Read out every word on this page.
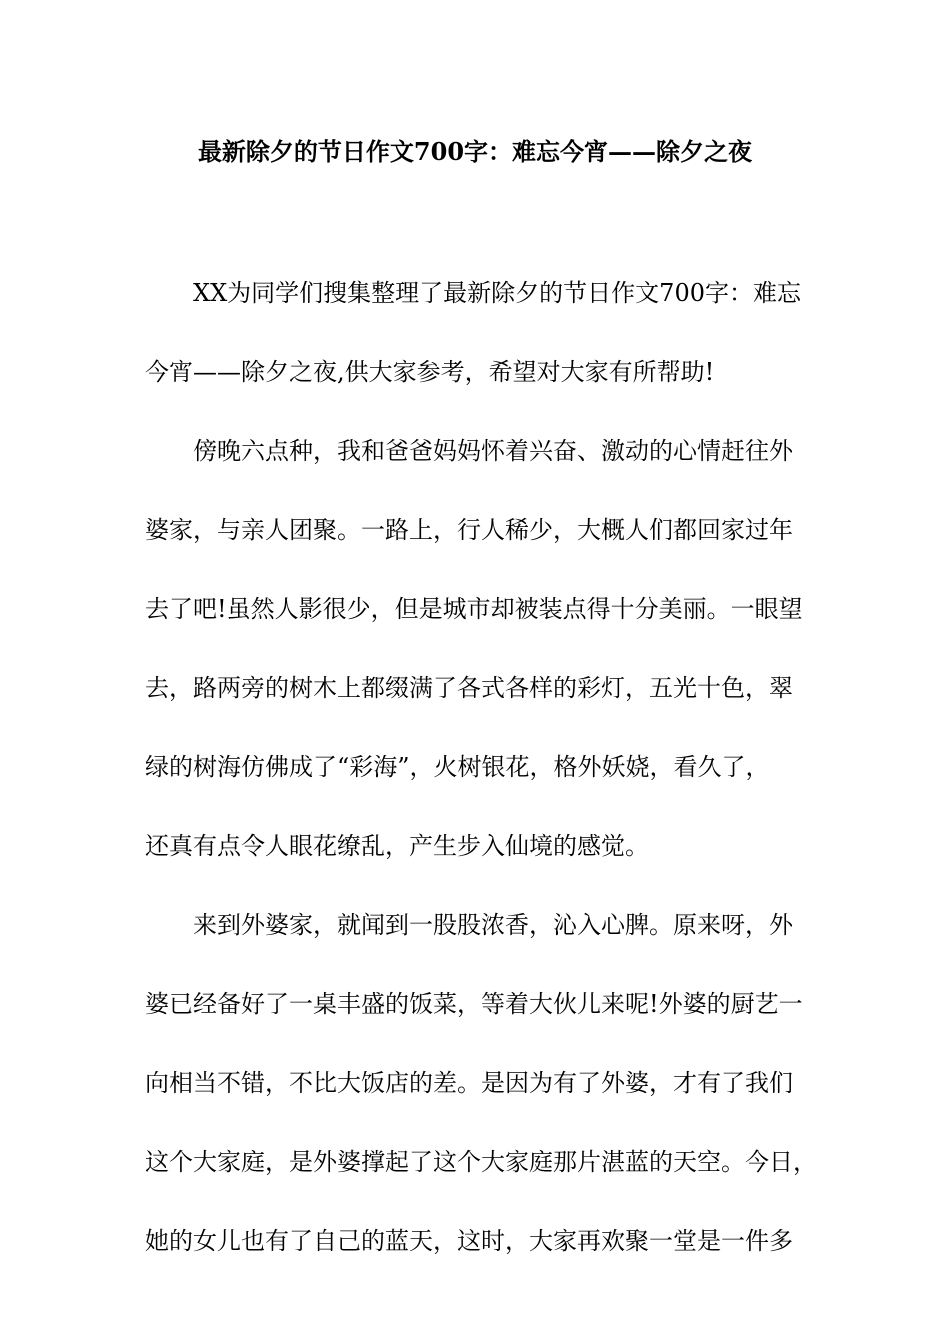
最新除夕的节日作文700字：难忘今宵——除夕之夜
XX为同学们搜集整理了最新除夕的节日作文700字：难忘
今宵——除夕之夜,供大家参考，希望对大家有所帮助!
傍晚六点种，我和爸爸妈妈怀着兴奋、激动的心情赶往外
婆家，与亲人团聚。一路上，行人稀少，大概人们都回家过年
去了吧!虽然人影很少，但是城市却被装点得十分美丽。一眼望
去，路两旁的树木上都缀满了各式各样的彩灯，五光十色，翠
绿的树海仿佛成了“彩海”，火树银花，格外妖娆，看久了，
还真有点令人眼花缭乱，产生步入仙境的感觉。
来到外婆家，就闻到一股股浓香，沁入心脾。原来呀，外
婆已经备好了一桌丰盛的饭菜，等着大伙儿来呢!外婆的厨艺一
向相当不错，不比大饭店的差。是因为有了外婆，才有了我们
这个大家庭，是外婆撑起了这个大家庭那片湛蓝的天空。今日，
她的女儿也有了自己的蓝天，这时，大家再欢聚一堂是一件多
